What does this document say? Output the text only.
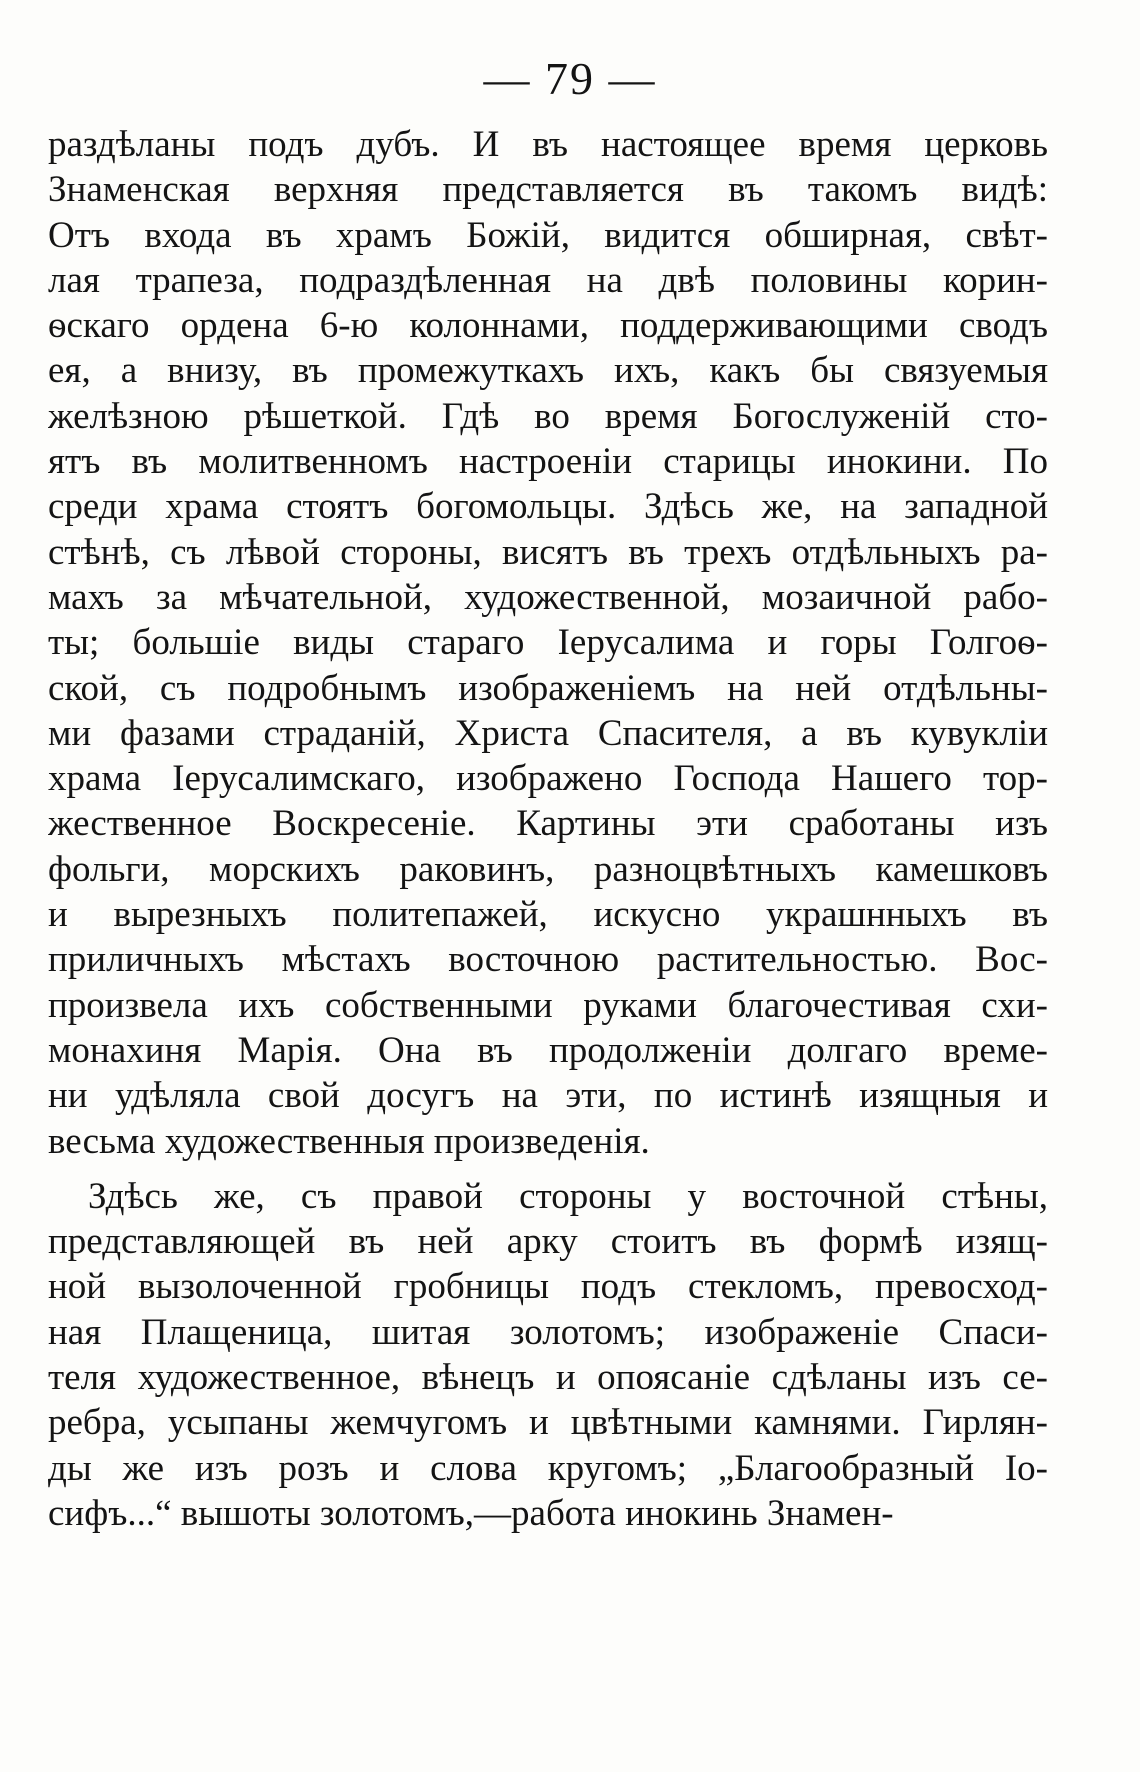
— 79 —
раздѣланы подъ дубъ. И въ настоящее время церковь
Знаменская верхняя представляется въ такомъ видѣ:
Отъ входа въ храмъ Божій, видится обширная, свѣт-
лая трапеза, подраздѣленная на двѣ половины корин-
ѳскаго ордена 6-ю колоннами, поддерживающими сводъ
ея, а внизу, въ промежуткахъ ихъ, какъ бы связуемыя
желѣзною рѣшеткой. Гдѣ во время Богослуженій сто-
ятъ въ молитвенномъ настроеніи старицы инокини. По
среди храма стоятъ богомольцы. Здѣсь же, на западной
стѣнѣ, съ лѣвой стороны, висятъ въ трехъ отдѣльныхъ ра-
махъ за мѣчательной, художественной, мозаичной рабо-
ты; большіе виды стараго Іерусалима и горы Голгоѳ-
ской, съ подробнымъ изображеніемъ на ней отдѣльны-
ми фазами страданій, Христа Спасителя, а въ кувукліи
храма Іерусалимскаго, изображено Господа Нашего тор-
жественное Воскресеніе. Картины эти сработаны изъ
фольги, морскихъ раковинъ, разноцвѣтныхъ камешковъ
и вырезныхъ политепажей, искусно украшнныхъ въ
приличныхъ мѣстахъ восточною растительностью. Вос-
произвела ихъ собственными руками благочестивая схи-
монахиня Марія. Она въ продолженіи долгаго време-
ни удѣляла свой досугъ на эти, по истинѣ изящныя и
весьма художественныя произведенія.
Здѣсь же, съ правой стороны у восточной стѣны,
представляющей въ ней арку стоитъ въ формѣ изящ-
ной вызолоченной гробницы подъ стекломъ, превосход-
ная Плащеница, шитая золотомъ; изображеніе Спаси-
теля художественное, вѣнецъ и опоясаніе сдѣланы изъ се-
ребра, усыпаны жемчугомъ и цвѣтными камнями. Гирлян-
ды же изъ розъ и слова кругомъ; „Благообразный Іо-
сифъ...“ вышоты золотомъ,—работа инокинь Знамен-
